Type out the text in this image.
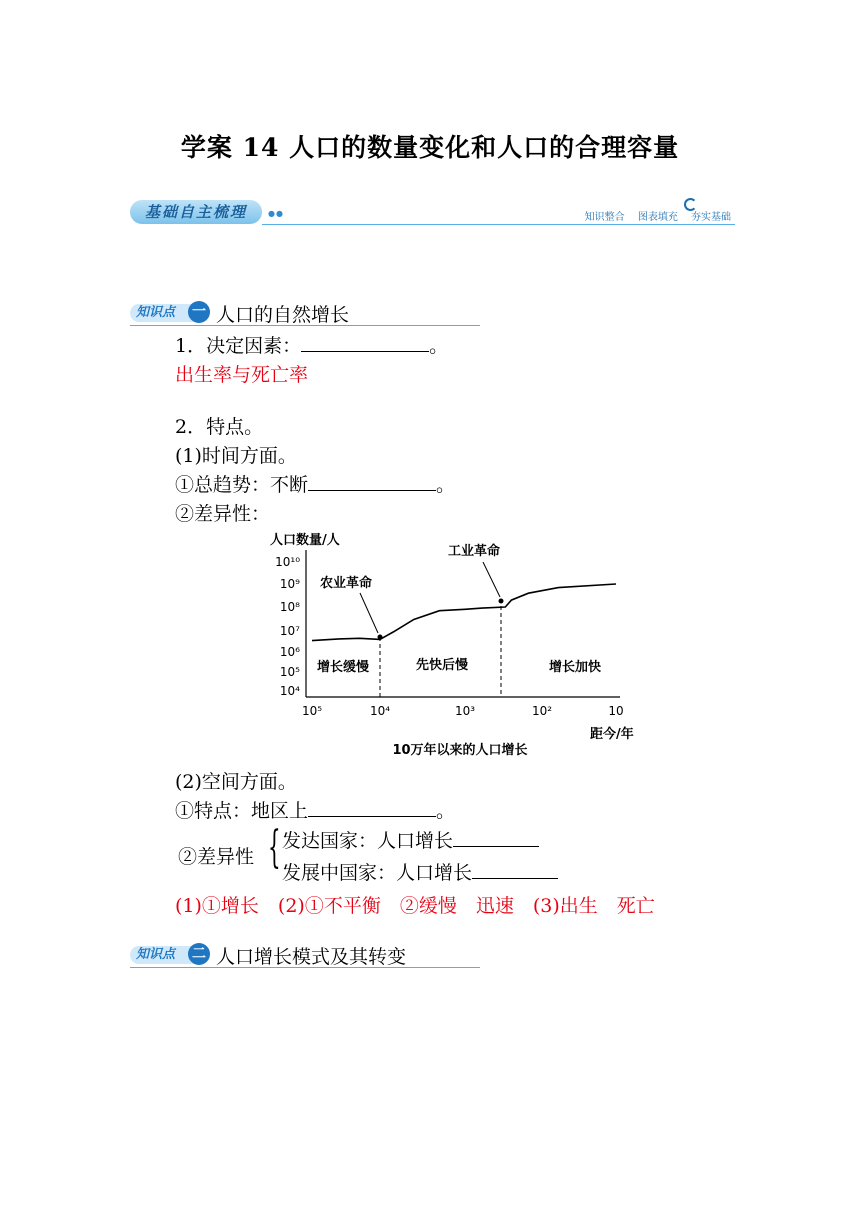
学案 14 人口的数量变化和人口的合理容量
基础自主梳理	●●	知识整合 图表填充 夯实基础
知识点	一 人口的自然增长
1．决定因素：	。
出生率与死亡率
2．特点。
(1)时间方面。
①总趋势：不断	。
②差异性：
人口数量/人
10¹⁰
10⁹
10⁸
10⁷
10⁶
10⁵
10⁴
10⁵	10⁴	10³	10²	10
农业革命
工业革命
增长缓慢	先快后慢	增长加快
距今/年
10万年以来的人口增长
(2)空间方面。
①特点：地区上	。
②差异性 { 发达国家：人口增长
发展中国家：人口增长
(1)①增长　(2)①不平衡　②缓慢　迅速　(3)出生　死亡
知识点	二 人口增长模式及其转变
